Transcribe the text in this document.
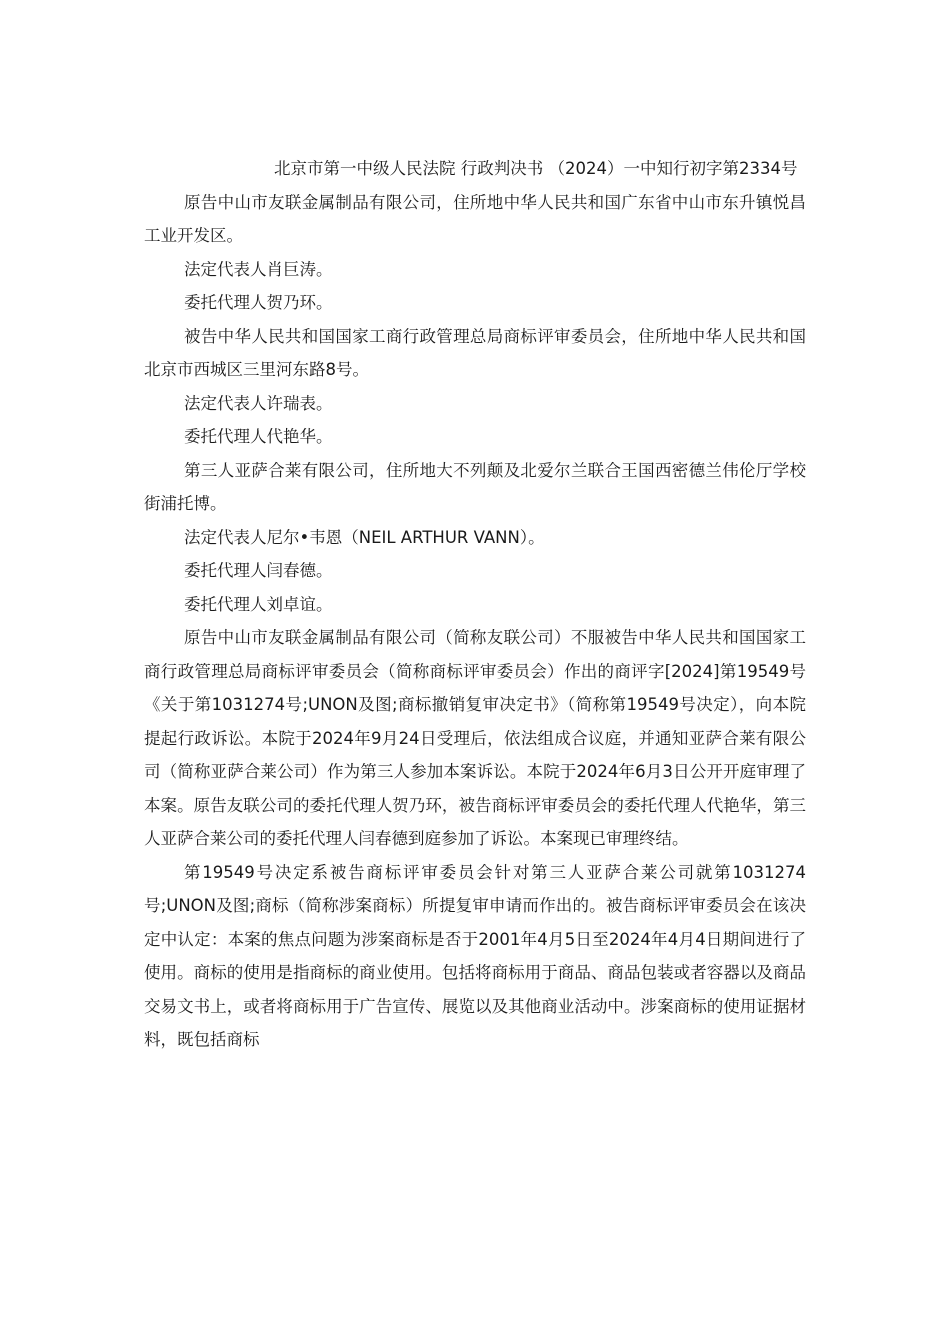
北京市第一中级人民法院 行政判决书 （2024）一中知行初字第2334号

原告中山市友联金属制品有限公司，住所地中华人民共和国广东省中山市东升镇悦昌工业开发区。

法定代表人肖巨涛。

委托代理人贺乃环。

被告中华人民共和国国家工商行政管理总局商标评审委员会，住所地中华人民共和国北京市西城区三里河东路8号。

法定代表人许瑞表。

委托代理人代艳华。

第三人亚萨合莱有限公司，住所地大不列颠及北爱尔兰联合王国西密德兰伟伦厅学校街浦托博。

法定代表人尼尔•韦恩（NEIL ARTHUR VANN）。

委托代理人闫春德。

委托代理人刘卓谊。

原告中山市友联金属制品有限公司（简称友联公司）不服被告中华人民共和国国家工商行政管理总局商标评审委员会（简称商标评审委员会）作出的商评字[2024]第19549号《关于第1031274号;UNON及图;商标撤销复审决定书》（简称第19549号决定），向本院提起行政诉讼。本院于2024年9月24日受理后，依法组成合议庭，并通知亚萨合莱有限公司（简称亚萨合莱公司）作为第三人参加本案诉讼。本院于2024年6月3日公开开庭审理了本案。原告友联公司的委托代理人贺乃环，被告商标评审委员会的委托代理人代艳华，第三人亚萨合莱公司的委托代理人闫春德到庭参加了诉讼。本案现已审理终结。

第19549号决定系被告商标评审委员会针对第三人亚萨合莱公司就第1031274号;UNON及图;商标（简称涉案商标）所提复审申请而作出的。被告商标评审委员会在该决定中认定：本案的焦点问题为涉案商标是否于2001年4月5日至2024年4月4日期间进行了使用。商标的使用是指商标的商业使用。包括将商标用于商品、商品包装或者容器以及商品交易文书上，或者将商标用于广告宣传、展览以及其他商业活动中。涉案商标的使用证据材料，既包括商标
